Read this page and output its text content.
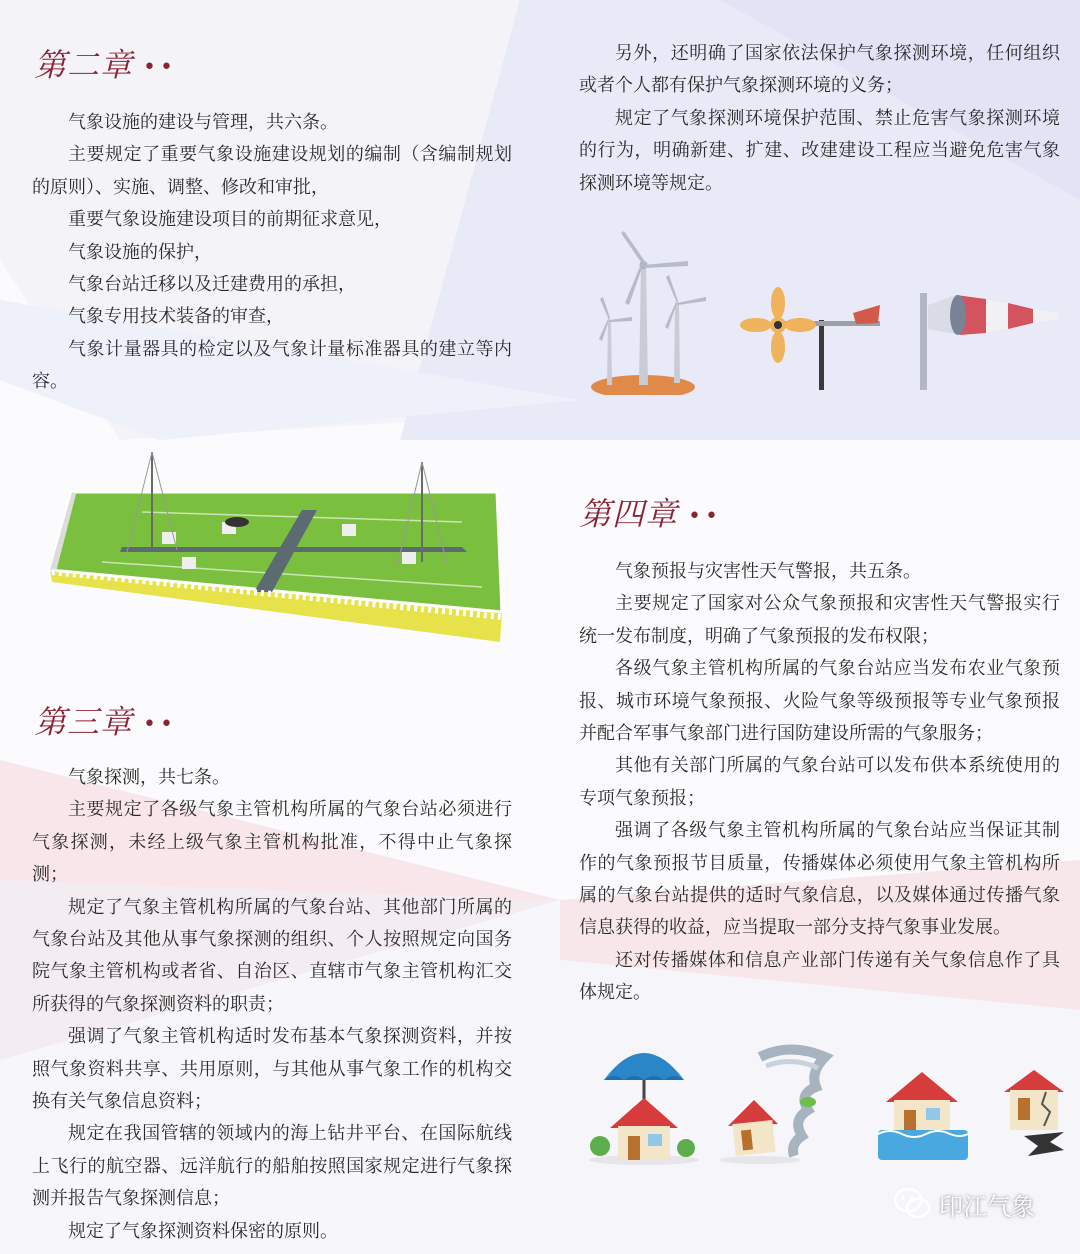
第二章 ••

气象设施的建设与管理，共六条。

主要规定了重要气象设施建设规划的编制（含编制规划的原则）、实施、调整、修改和审批，

重要气象设施建设项目的前期征求意见，

气象设施的保护，

气象台站迁移以及迁建费用的承担，

气象专用技术装备的审查，

气象计量器具的检定以及气象计量标准器具的建立等内容。

另外，还明确了国家依法保护气象探测环境，任何组织或者个人都有保护气象探测环境的义务；

规定了气象探测环境保护范围、禁止危害气象探测环境的行为，明确新建、扩建、改建建设工程应当避免危害气象探测环境等规定。

第三章 ••

气象探测，共七条。

主要规定了各级气象主管机构所属的气象台站必须进行气象探测，未经上级气象主管机构批准，不得中止气象探测；

规定了气象主管机构所属的气象台站、其他部门所属的气象台站及其他从事气象探测的组织、个人按照规定向国务院气象主管机构或者省、自治区、直辖市气象主管机构汇交所获得的气象探测资料的职责；

强调了气象主管机构适时发布基本气象探测资料，并按照气象资料共享、共用原则，与其他从事气象工作的机构交换有关气象信息资料；

规定在我国管辖的领域内的海上钻井平台、在国际航线上飞行的航空器、远洋航行的船舶按照国家规定进行气象探测并报告气象探测信息；

规定了气象探测资料保密的原则。

第四章 ••

气象预报与灾害性天气警报，共五条。

主要规定了国家对公众气象预报和灾害性天气警报实行统一发布制度，明确了气象预报的发布权限；

各级气象主管机构所属的气象台站应当发布农业气象预报、城市环境气象预报、火险气象等级预报等专业气象预报并配合军事气象部门进行国防建设所需的气象服务；

其他有关部门所属的气象台站可以发布供本系统使用的专项气象预报；

强调了各级气象主管机构所属的气象台站应当保证其制作的气象预报节目质量，传播媒体必须使用气象主管机构所属的气象台站提供的适时气象信息，以及媒体通过传播气象信息获得的收益，应当提取一部分支持气象事业发展。

还对传播媒体和信息产业部门传递有关气象信息作了具体规定。

印江气象
